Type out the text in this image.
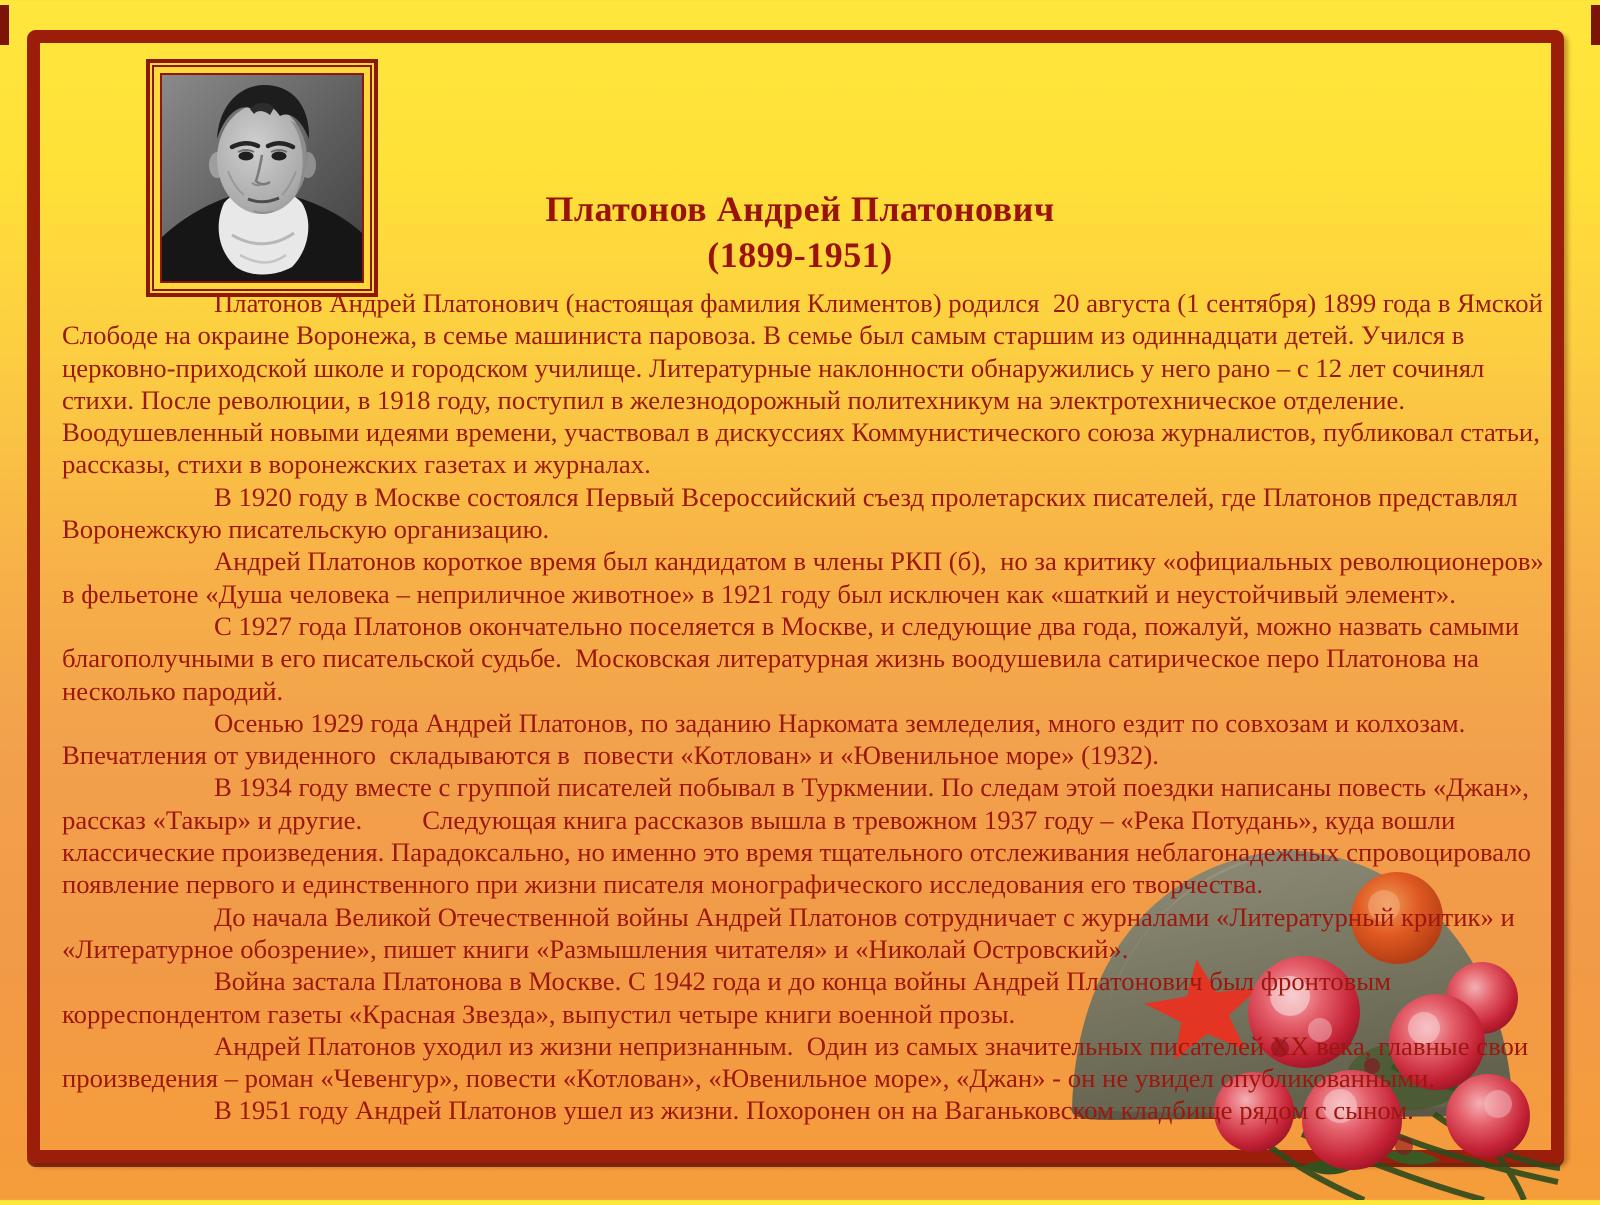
Платонов Андрей Платонович
(1899-1951)

Платонов Андрей Платонович (настоящая фамилия Климентов) родился  20 августа (1 сентября) 1899 года в Ямской Слободе на окраине Воронежа, в семье машиниста паровоза. В семье был самым старшим из одиннадцати детей. Учился в церковно-приходской школе и городском училище. Литературные наклонности обнаружились у него рано – с 12 лет сочинял стихи. После революции, в 1918 году, поступил в железнодорожный политехникум на электротехническое отделение. Воодушевленный новыми идеями времени, участвовал в дискуссиях Коммунистического союза журналистов, публиковал статьи, рассказы, стихи в воронежских газетах и журналах.

В 1920 году в Москве состоялся Первый Всероссийский съезд пролетарских писателей, где Платонов представлял Воронежскую писательскую организацию.

Андрей Платонов короткое время был кандидатом в члены РКП (б),  но за критику «официальных революционеров» в фельетоне «Душа человека – неприличное животное» в 1921 году был исключен как «шаткий и неустойчивый элемент».

С 1927 года Платонов окончательно поселяется в Москве, и следующие два года, пожалуй, можно назвать самыми благополучными в его писательской судьбе.  Московская литературная жизнь воодушевила сатирическое перо Платонова на несколько пародий.

Осенью 1929 года Андрей Платонов, по заданию Наркомата земледелия, много ездит по совхозам и колхозам. Впечатления от увиденного  складываются в  повести «Котлован» и «Ювенильное море» (1932).

В 1934 году вместе с группой писателей побывал в Туркмении. По следам этой поездки написаны повесть «Джан», рассказ «Такыр» и другие.         Следующая книга рассказов вышла в тревожном 1937 году – «Река Потудань», куда вошли классические произведения. Парадоксально, но именно это время тщательного отслеживания неблагонадежных спровоцировало появление первого и единственного при жизни писателя монографического исследования его творчества.

До начала Великой Отечественной войны Андрей Платонов сотрудничает с журналами «Литературный критик» и «Литературное обозрение», пишет книги «Размышления читателя» и «Николай Островский».

Война застала Платонова в Москве. С 1942 года и до конца войны Андрей Платонович был фронтовым корреспондентом газеты «Красная Звезда», выпустил четыре книги военной прозы.

Андрей Платонов уходил из жизни непризнанным.  Один из самых значительных писателей XX века, главные свои произведения – роман «Чевенгур», повести «Котлован», «Ювенильное море», «Джан» - он не увидел опубликованными.

В 1951 году Андрей Платонов ушел из жизни. Похоронен он на Ваганьковском кладбище рядом с сыном.
